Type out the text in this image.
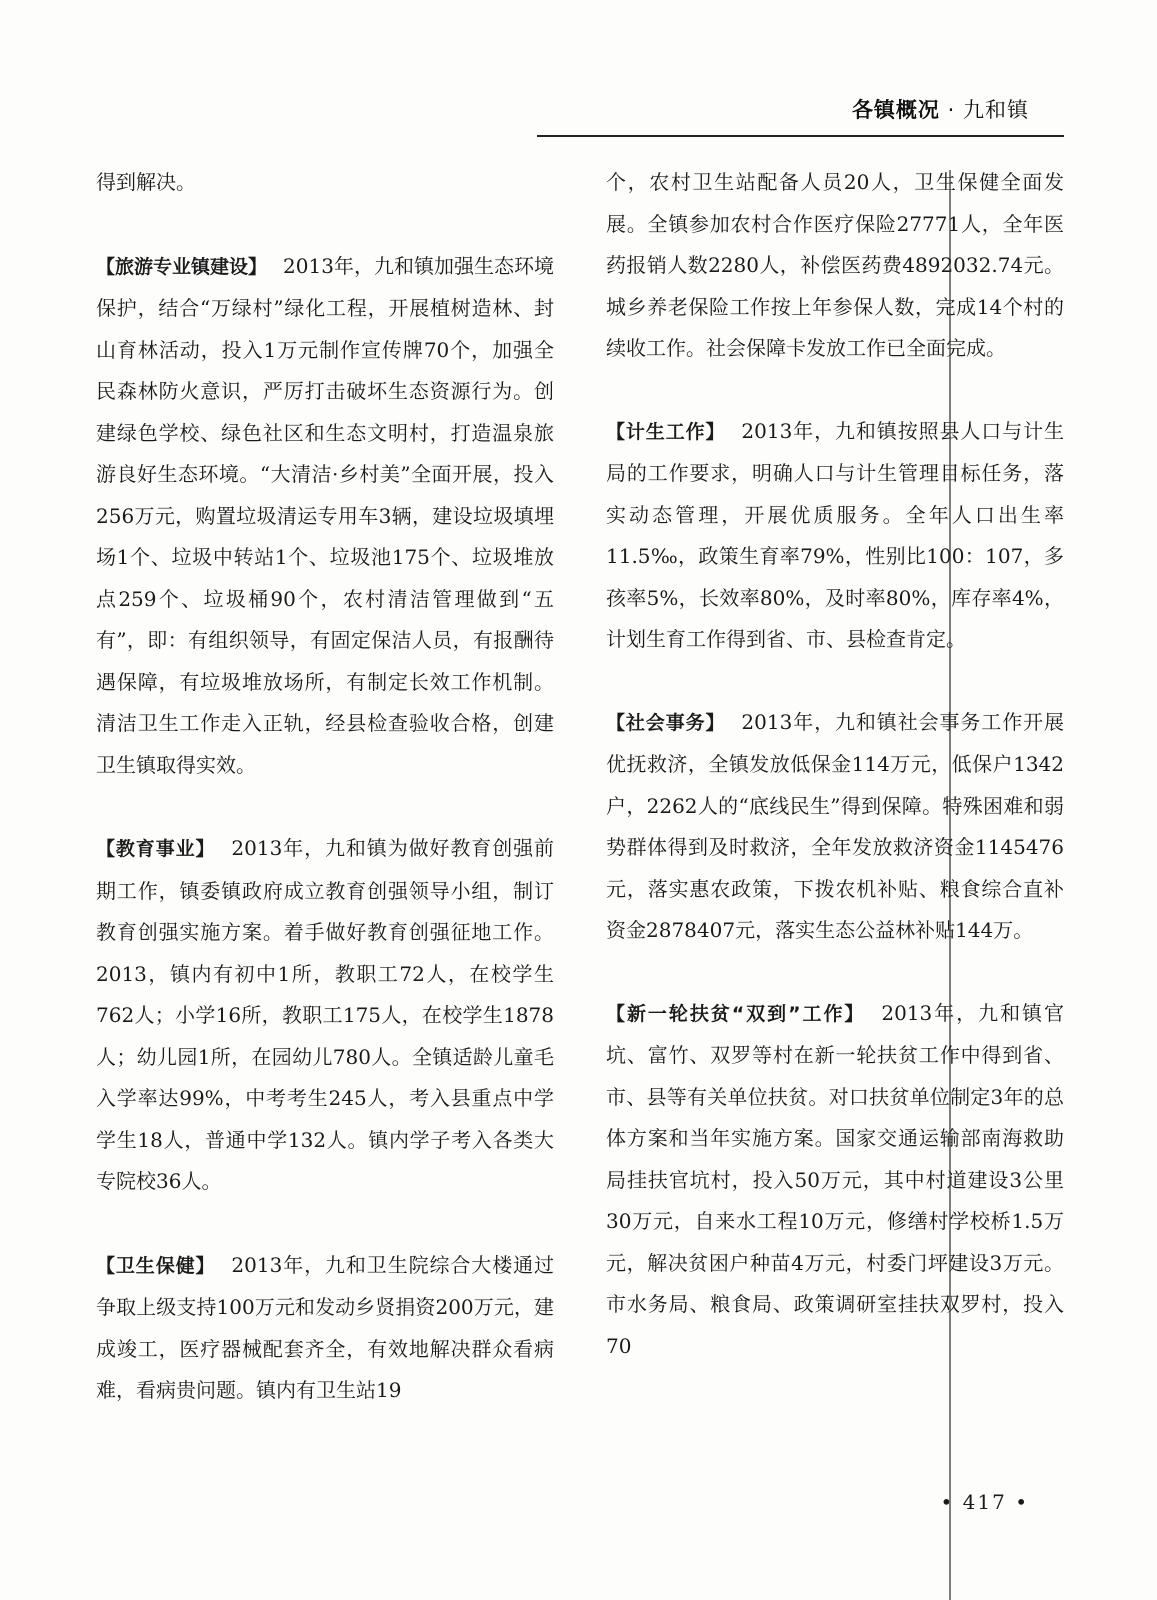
各镇概况 · 九和镇

得到解决。

【旅游专业镇建设】 2013年，九和镇加强生态环境保护，结合“万绿村”绿化工程，开展植树造林、封山育林活动，投入1万元制作宣传牌70个，加强全民森林防火意识，严厉打击破坏生态资源行为。创建绿色学校、绿色社区和生态文明村，打造温泉旅游良好生态环境。“大清洁·乡村美”全面开展，投入256万元，购置垃圾清运专用车3辆，建设垃圾填埋场1个、垃圾中转站1个、垃圾池175个、垃圾堆放点259个、垃圾桶90个，农村清洁管理做到“五有”，即：有组织领导，有固定保洁人员，有报酬待遇保障，有垃圾堆放场所，有制定长效工作机制。清洁卫生工作走入正轨，经县检查验收合格，创建卫生镇取得实效。

【教育事业】 2013年，九和镇为做好教育创强前期工作，镇委镇政府成立教育创强领导小组，制订教育创强实施方案。着手做好教育创强征地工作。2013，镇内有初中1所，教职工72人，在校学生762人；小学16所，教职工175人，在校学生1878人；幼儿园1所，在园幼儿780人。全镇适龄儿童毛入学率达99%，中考考生245人，考入县重点中学学生18人，普通中学132人。镇内学子考入各类大专院校36人。

【卫生保健】 2013年，九和卫生院综合大楼通过争取上级支持100万元和发动乡贤捐资200万元，建成竣工，医疗器械配套齐全，有效地解决群众看病难，看病贵问题。镇内有卫生站19

个，农村卫生站配备人员20人，卫生保健全面发展。全镇参加农村合作医疗保险27771人，全年医药报销人数2280人，补偿医药费4892032.74元。城乡养老保险工作按上年参保人数，完成14个村的续收工作。社会保障卡发放工作已全面完成。

【计生工作】 2013年，九和镇按照县人口与计生局的工作要求，明确人口与计生管理目标任务，落实动态管理，开展优质服务。全年人口出生率11.5‰，政策生育率79%，性别比100：107，多孩率5%，长效率80%，及时率80%，库存率4%，计划生育工作得到省、市、县检查肯定。

【社会事务】 2013年，九和镇社会事务工作开展优抚救济，全镇发放低保金114万元，低保户1342户，2262人的“底线民生”得到保障。特殊困难和弱势群体得到及时救济，全年发放救济资金1145476元，落实惠农政策，下拨农机补贴、粮食综合直补资金2878407元，落实生态公益林补贴144万。

【新一轮扶贫“双到”工作】 2013年，九和镇官坑、富竹、双罗等村在新一轮扶贫工作中得到省、市、县等有关单位扶贫。对口扶贫单位制定3年的总体方案和当年实施方案。国家交通运输部南海救助局挂扶官坑村，投入50万元，其中村道建设3公里30万元，自来水工程10万元，修缮村学校桥1.5万元，解决贫困户种苗4万元，村委门坪建设3万元。市水务局、粮食局、政策调研室挂扶双罗村，投入70

• 417 •
